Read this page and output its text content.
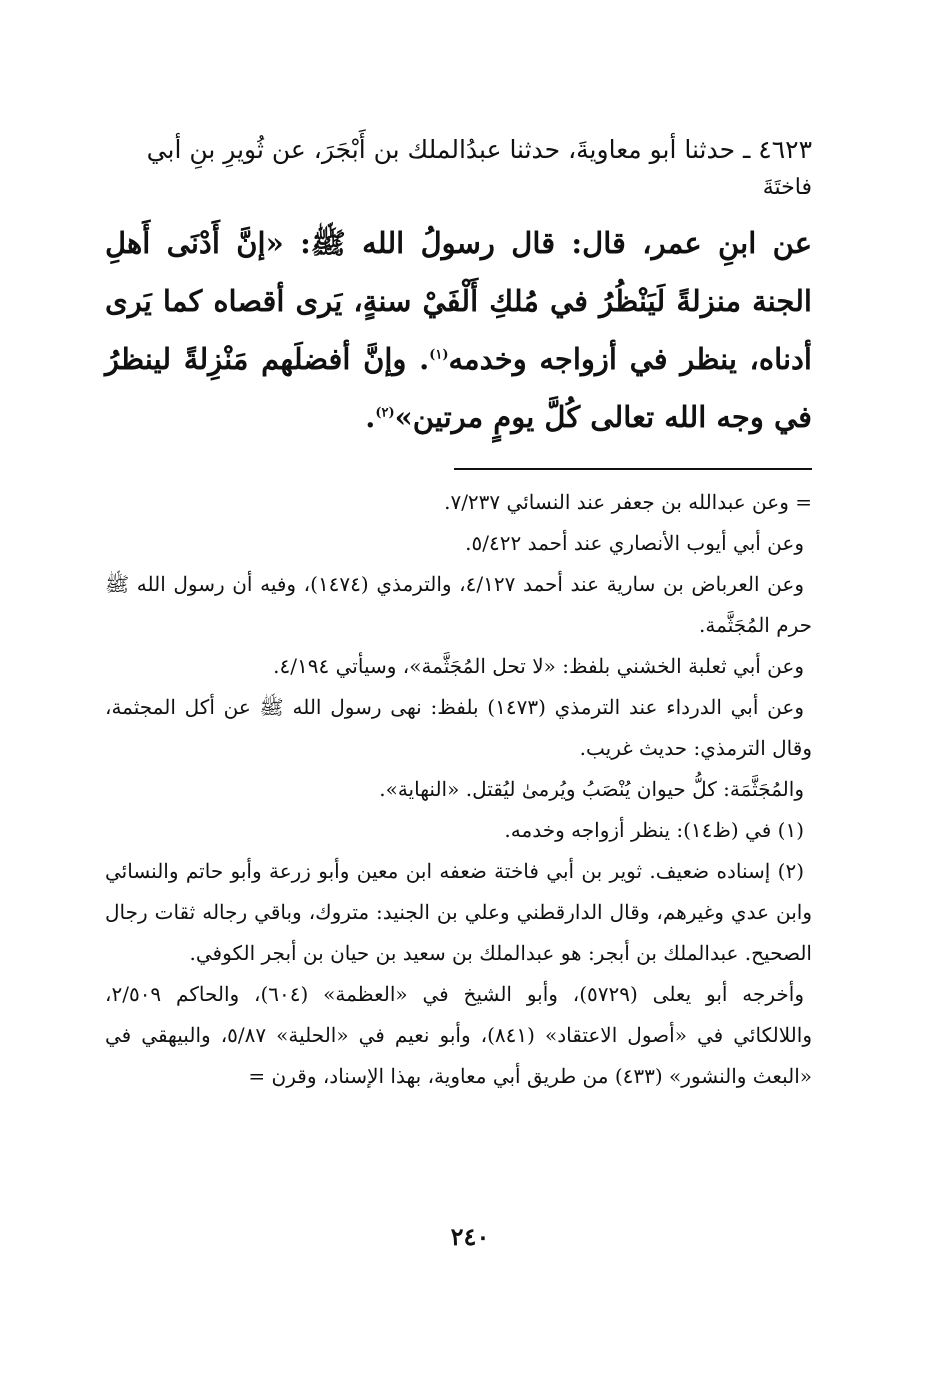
٤٦٢٣ ـ حدثنا أبو معاويةَ، حدثنا عبدُالملك بن أَبْجَرَ، عن ثُويرِ بنِ أبي
فاختَةَ

عن ابنِ عمر، قال: قال رسولُ الله ﷺ: «إنَّ أَدْنَى أَهلِ الجنة منزلةً لَيَنْظُرُ في مُلكِ أَلْفَيْ سنةٍ، يَرى أقصاه كما يَرى أدناه، ينظر في أزواجه وخدمه$^{(١)}$. وإنَّ أفضلَهم مَنْزِلةً لينظرُ في وجه الله تعالى كُلَّ يومٍ مرتين»$^{(٢)}$.

= وعن عبدالله بن جعفر عند النسائي ٧/٢٣٧.

وعن أبي أيوب الأنصاري عند أحمد ٥/٤٢٢.

وعن العرباض بن سارية عند أحمد ٤/١٢٧، والترمذي (١٤٧٤)، وفيه أن رسول الله ﷺ حرم المُجَثَّمة.

وعن أبي ثعلبة الخشني بلفظ: «لا تحل المُجَثَّمة»، وسيأتي ٤/١٩٤.

وعن أبي الدرداء عند الترمذي (١٤٧٣) بلفظ: نهى رسول الله ﷺ عن أكل المجثمة، وقال الترمذي: حديث غريب.

والمُجَثَّمَة: كلُّ حيوان يُنْصَبُ ويُرمىٰ ليُقتل. «النهاية».

(١) في (ظ١٤): ينظر أزواجه وخدمه.

(٢) إسناده ضعيف. ثوير بن أبي فاختة ضعفه ابن معين وأبو زرعة وأبو حاتم والنسائي وابن عدي وغيرهم، وقال الدارقطني وعلي بن الجنيد: متروك، وباقي رجاله ثقات رجال الصحيح. عبدالملك بن أبجر: هو عبدالملك بن سعيد بن حيان بن أبجر الكوفي.

وأخرجه أبو يعلى (٥٧٢٩)، وأبو الشيخ في «العظمة» (٦٠٤)، والحاكم ٢/٥٠٩، واللالكائي في «أصول الاعتقاد» (٨٤١)، وأبو نعيم في «الحلية» ٥/٨٧، والبيهقي في «البعث والنشور» (٤٣٣) من طريق أبي معاوية، بهذا الإسناد، وقرن =

٢٤٠
